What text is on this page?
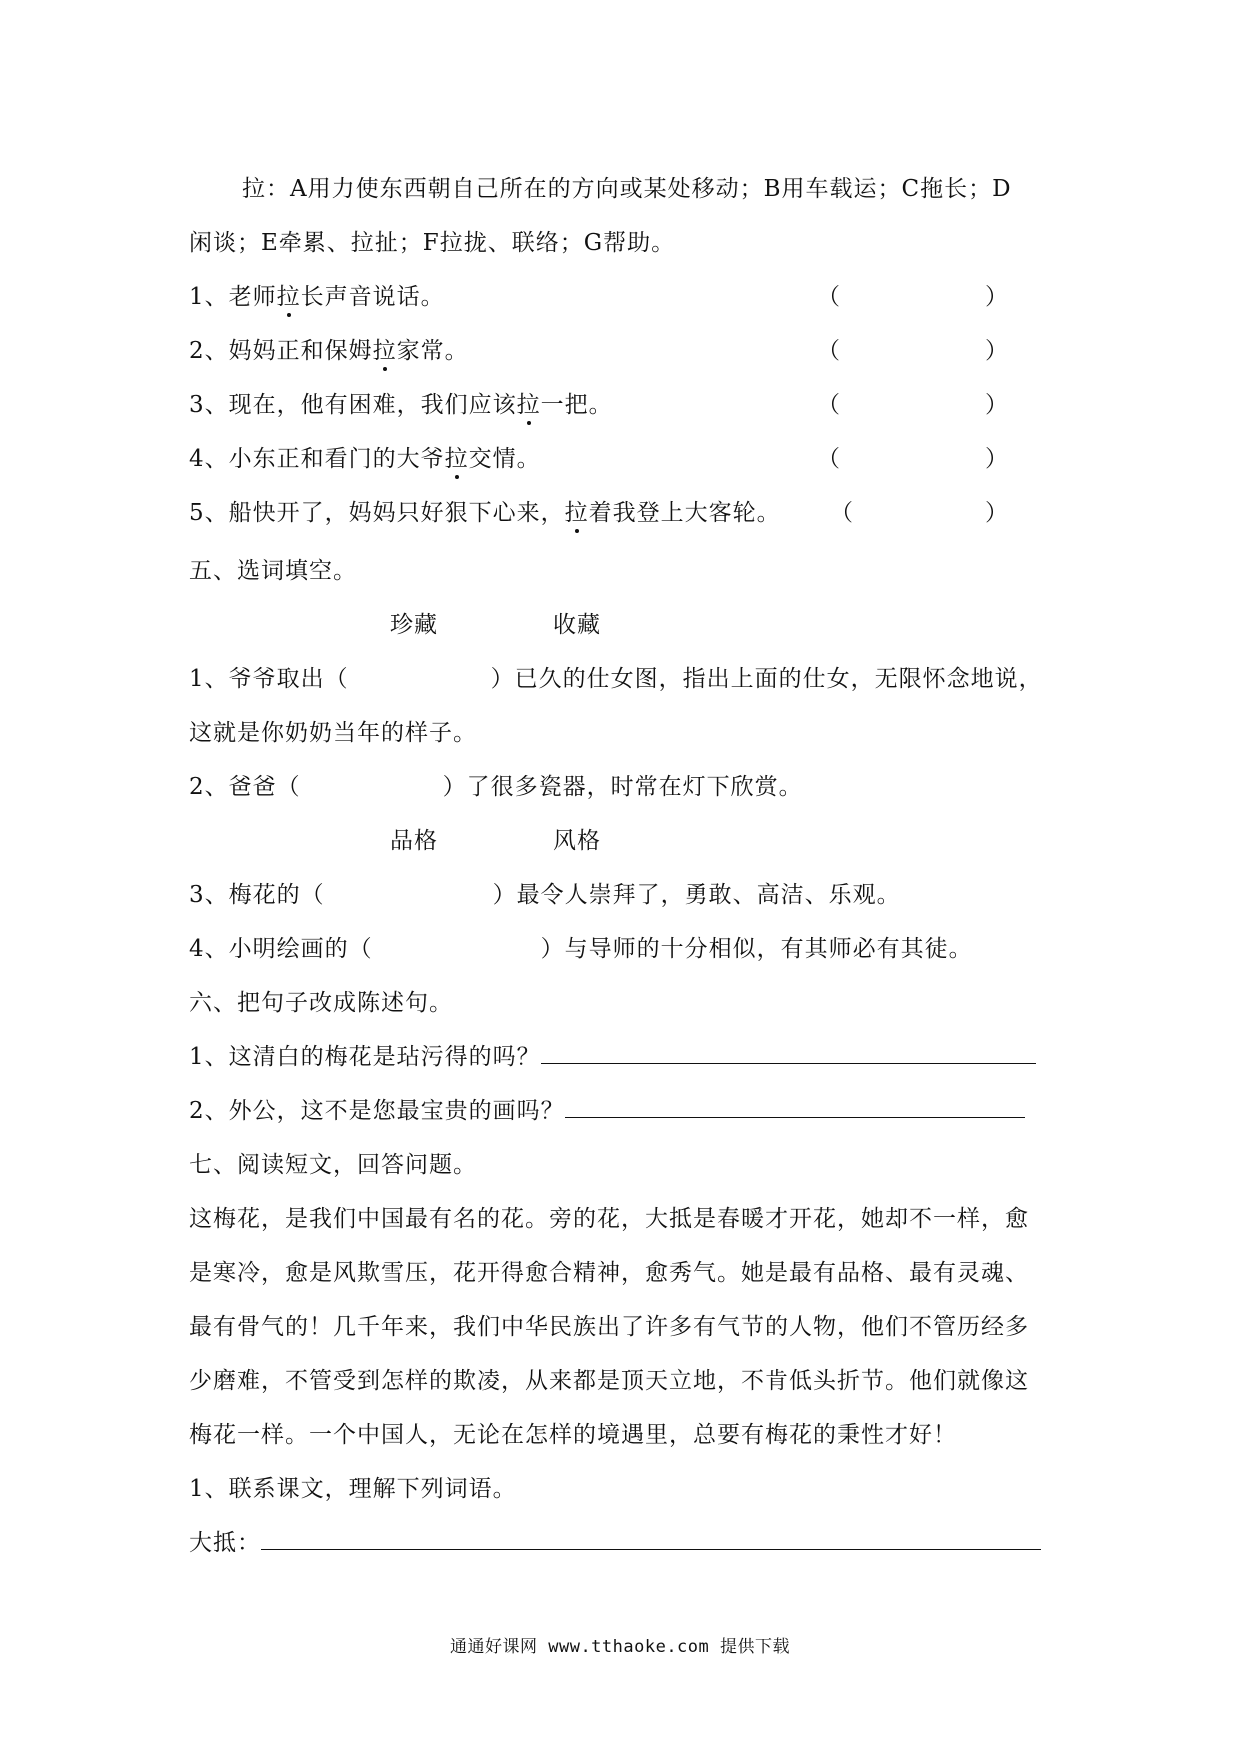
拉：A用力使东西朝自己所在的方向或某处移动；B用车载运；C拖长；D
闲谈；E牵累、拉扯；F拉拢、联络；G帮助。
1、老师拉长声音说话。	（	）
2、妈妈正和保姆拉家常。	（	）
3、现在，他有困难，我们应该拉一把。	（	）
4、小东正和看门的大爷拉交情。	（	）
5、船快开了，妈妈只好狠下心来，拉着我登上大客轮。 （	）
五、选词填空。
珍藏	收藏
1、爷爷取出（	）已久的仕女图，指出上面的仕女，无限怀念地说，
这就是你奶奶当年的样子。
2、爸爸（	）了很多瓷器，时常在灯下欣赏。
品格	风格
3、梅花的（	）最令人崇拜了，勇敢、高洁、乐观。
4、小明绘画的（	）与导师的十分相似，有其师必有其徒。
六、把句子改成陈述句。
1、这清白的梅花是玷污得的吗？
2、外公，这不是您最宝贵的画吗？
七、阅读短文，回答问题。
这梅花，是我们中国最有名的花。旁的花，大抵是春暖才开花，她却不一样，愈
是寒冷，愈是风欺雪压，花开得愈合精神，愈秀气。她是最有品格、最有灵魂、
最有骨气的！几千年来，我们中华民族出了许多有气节的人物，他们不管历经多
少磨难，不管受到怎样的欺凌，从来都是顶天立地，不肯低头折节。他们就像这
梅花一样。一个中国人，无论在怎样的境遇里，总要有梅花的秉性才好！
1、联系课文，理解下列词语。
大抵：
通通好课网 www.tthaoke.com 提供下载
